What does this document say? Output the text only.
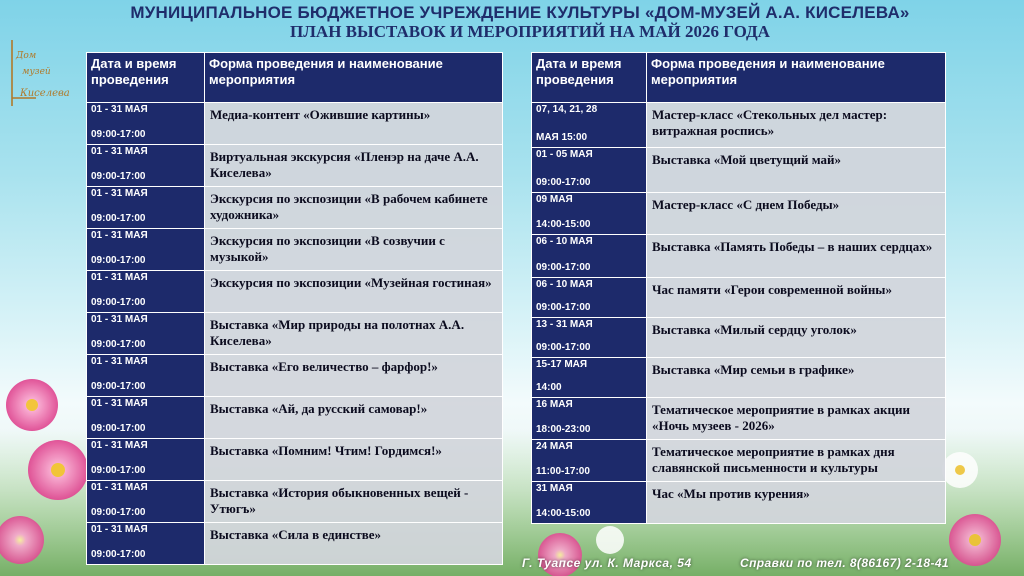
МУНИЦИПАЛЬНОЕ БЮДЖЕТНОЕ УЧРЕЖДЕНИЕ КУЛЬТУРЫ «ДОМ-МУЗЕЙ А.А. КИСЕЛЕВА»
ПЛАН ВЫСТАВОК И МЕРОПРИЯТИЙ НА МАЙ 2026 ГОДА
Дом
музей
Киселева
Дата и время проведения	Форма проведения и наименование мероприятия

01 - 31 МАЯ
09:00-17:00	Медиа-контент «Ожившие картины»

01 - 31 МАЯ
09:00-17:00	Виртуальная экскурсия «Пленэр на даче А.А. Киселева»

01 - 31 МАЯ
09:00-17:00	Экскурсия по экспозиции «В рабочем кабинете художника»

01 - 31 МАЯ
09:00-17:00	Экскурсия по экспозиции «В созвучии с музыкой»

01 - 31 МАЯ
09:00-17:00	Экскурсия по экспозиции «Музейная гостиная»

01 - 31 МАЯ
09:00-17:00	Выставка «Мир природы на полотнах А.А. Киселева»

01 - 31 МАЯ
09:00-17:00	Выставка «Его величество – фарфор!»

01 - 31 МАЯ
09:00-17:00	Выставка «Ай, да русский самовар!»

01 - 31 МАЯ
09:00-17:00	Выставка «Помним! Чтим! Гордимся!»

01 - 31 МАЯ
09:00-17:00	Выставка «История обыкновенных вещей - Утюгъ»

01 - 31 МАЯ
09:00-17:00	Выставка «Сила в единстве»
Дата и время проведения	Форма проведения и наименование мероприятия

07, 14, 21, 28
МАЯ 15:00	Мастер-класс «Стекольных дел мастер: витражная роспись»

01 - 05 МАЯ
09:00-17:00	Выставка «Мой цветущий май»

09 МАЯ
14:00-15:00	Мастер-класс «С днем Победы»

06 - 10 МАЯ
09:00-17:00	Выставка «Память Победы – в наших сердцах»

06 - 10 МАЯ
09:00-17:00	Час памяти «Герои современной войны»

13 - 31 МАЯ
09:00-17:00	Выставка «Милый сердцу уголок»

15-17 МАЯ
14:00	Выставка «Мир семьи в графике»

16 МАЯ
18:00-23:00	Тематическое мероприятие в рамках акции «Ночь музеев - 2026»

24 МАЯ
11:00-17:00	Тематическое мероприятие в рамках дня славянской письменности и культуры

31 МАЯ
14:00-15:00	Час «Мы против курения»
Г. Туапсе ул. К. Маркса, 54	Справки по тел. 8(86167) 2-18-41
